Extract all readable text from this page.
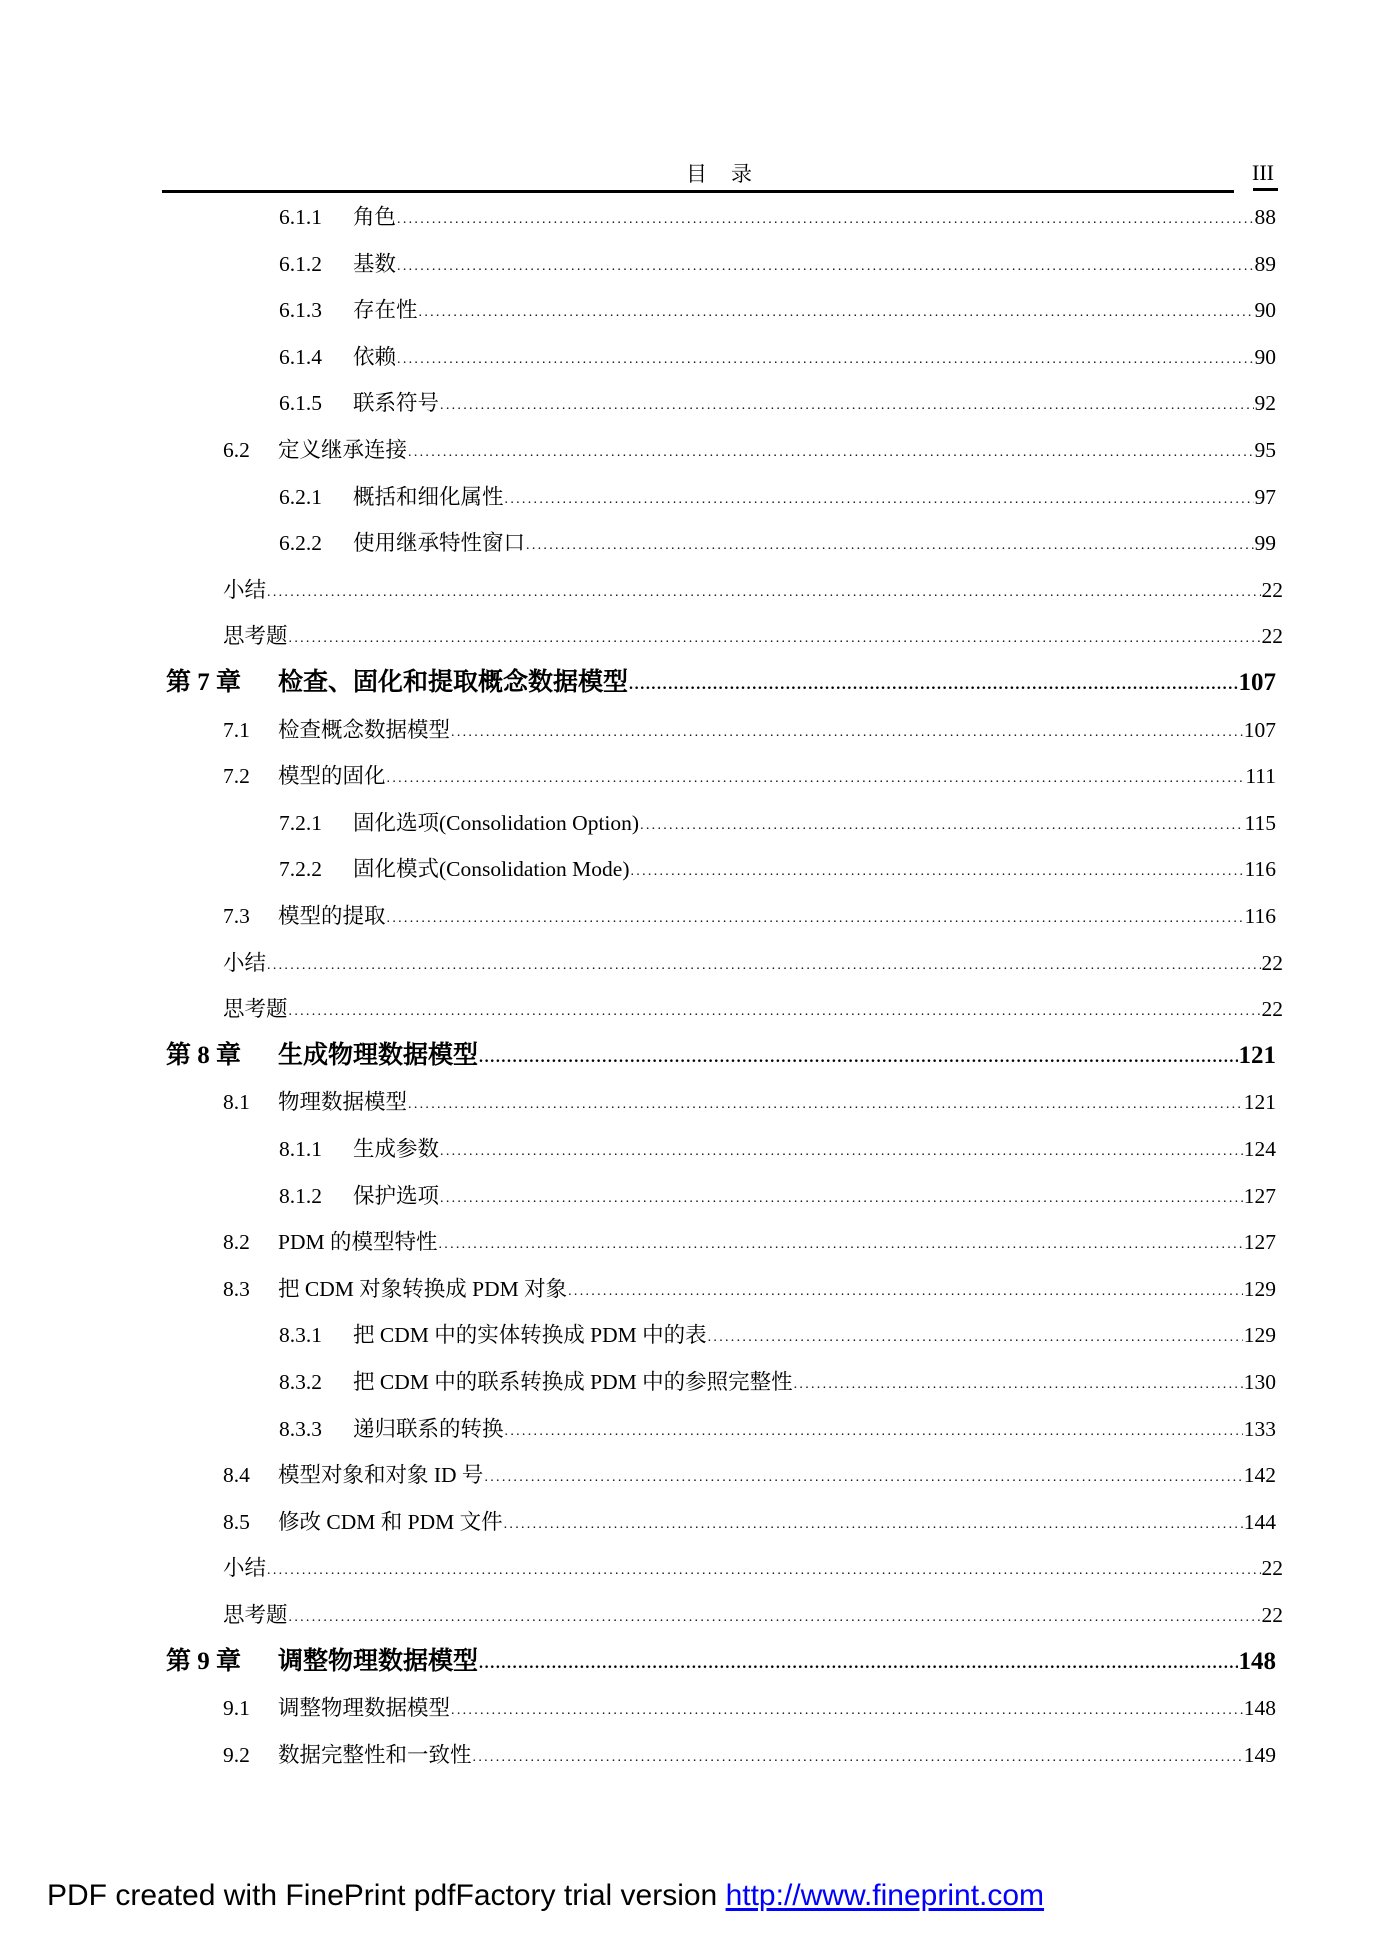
目录	III
6.1.1	角色 .....	88
6.1.2	基数 .....	89
6.1.3	存在性 .....	90
6.1.4	依赖 .....	90
6.1.5	联系符号 .....	92
6.2	定义继承连接 .....	95
6.2.1	概括和细化属性 .....	97
6.2.2	使用继承特性窗口 .....	99
小结 .....	22
思考题 .....	22
第 7 章	检查、固化和提取概念数据模型 .....	107
7.1	检查概念数据模型 .....	107
7.2	模型的固化 .....	111
7.2.1	固化选项(Consolidation Option) .....	115
7.2.2	固化模式(Consolidation Mode) .....	116
7.3	模型的提取 .....	116
小结 .....	22
思考题 .....	22
第 8 章	生成物理数据模型 .....	121
8.1	物理数据模型 .....	121
8.1.1	生成参数 .....	124
8.1.2	保护选项 .....	127
8.2	PDM 的模型特性 .....	127
8.3	把 CDM 对象转换成 PDM 对象 .....	129
8.3.1	把 CDM 中的实体转换成 PDM 中的表 .....	129
8.3.2	把 CDM 中的联系转换成 PDM 中的参照完整性 .....	130
8.3.3	递归联系的转换 .....	133
8.4	模型对象和对象 ID 号 .....	142
8.5	修改 CDM 和 PDM 文件 .....	144
小结 .....	22
思考题 .....	22
第 9 章	调整物理数据模型 .....	148
9.1	调整物理数据模型 .....	148
9.2	数据完整性和一致性 .....	149
PDF created with FinePrint pdfFactory trial version http://www.fineprint.com
